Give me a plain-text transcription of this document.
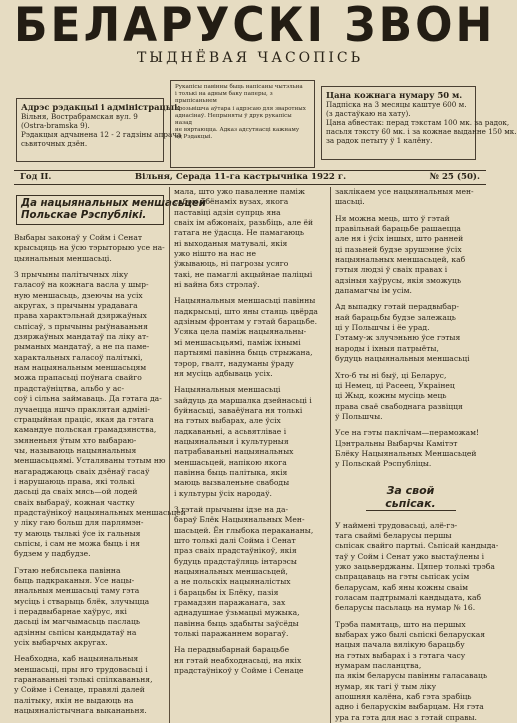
БЕЛАРУСКІ ЗВОН
ТЫДНЁВАЯ ЧАСОПІСЬ
Адрэс рэдакцыі і адміністрацыі:
Вільня, Вострабрамская вул. 9
(Ostra-bramska 9).
Рэдакцыя адчынена 12 - 2 гадзіны апрача
сьвяточных дзён.
Рукапісы павінны быць напісаны чытэльна
і толькі на адным баку паперы, з прыпісаньнем
прозьвішча аўтара і адрэсаю для зваротных
аднасінаў. Непрыняты ў друк рукапісы назад
не вяртаюцца. Адказ адсутнасці кажнаму
ад Рэдакцыі.
Цана кожнага нумару 50 м.
Падпіска на 3 месяцы каштуе 600 м.
(з дастаўкаю на хату).
Цана абвестак: перад тэкстам 100 мк. за радок,
пасьля тэксту 60 мк. і за кожнае выданне 150 мк.
за радок петыту ў 1 калёну.
Год II.	Вільня, Серада 11-га кастрычніка 1922 г.	№ 25 (50).
Да нацыянальных меншасьцей
Польскае Рэспублікі.
Выбары законаў у Сойм і Сенат
крысьцяць на ўсю тэрыторыю усе на-
цыянальныя меншасьці.
З прычыны палітычных ліку
галасоў на кожнага васла у шыр-
ную меншасьць, дзеючы на усіх
акругах, з прычыны урадавага
права характэльнай дзяржаўных
сьпісаў, з прычыны рыўнаваньня
дзяржаўных мандатаў па ліку ат-
рыманых мандатаў, а не па паме-
характальных галасоў палітыкі,
нам нацыянальным меншасьцям
можа прапасьці поўнага свайго
прадстаўніцтва, альбо у ас-
соў і сільна займаваць. Да гэтага да-
лучаецца яшчэ праклятая адміні-
страцыйная праціс, якая да гэтага
камандуе польская грамадзянства,
змяненьня ўтым хто выбараю-
чы, называюць нацыянальныя
меншасьцьямі. Усталяваны тэтым ню
нагараджаюць сваіх дзёнаў гасаў
і нарушаюць права, які толькі
дасьці да сваіх мясь—ой лодей
сваіх выбараў, кожная частку
прадстаўнікоў нацыянальных меншасьцей
у ліку гаю больш для парлямэн-
ту маюць тылькі ўсе іх гальныя
сьпісы, і сам не можа быць і ня
будзем у падбудзе.
Гэтаю небясьпека павінна
быць падкраканыя. Усе нацы-
янальныя меншасьці таму гэта
мусіць і стварыць блёк, злучыцца
і перадвыбарнае хаўрус, які
дасьці ім магчымасьць паслаць
адзінны сьпісы кандыдатаў на
усіх выбарчых акругах.
Неабходна, каб нацыянальныя
меншасьці, пры яго трудовасьці і
гаранаваньні тэлькі спілкаваньня,
у Сойме і Сенаце, правялі далей
палітыку, якія не выдаюць на
нацыяналістычнага выкананьня.
мала, што ужо паваленне паміж
сабою абёнаміх вузах, якога
паставіці адзін супрць яна
сваіх ім абжонаіх, разьбіць, але ёй
гатага не ўдасца. Не памагаюць
ні выходаныя матувалі, якія
ужо нішто на нас не
ўжываюць, ні пагрозы усяго
такі, не памаглі акцыйнае паліцыі
ні вайна бяз стрэлаў.
Нацыянальныя меншасьці павінны
падкрысьці, што яны стаяць цвёрда
адзіным фронтам у гэтай барацьбе.
Усяка цела паміж нацыянальны-
мі меншасьцьямі, паміж іхнымі
партыямі павінна быць стрыжана,
тэрор, гвалт, надуманы ўраду
ня мусіць адбываць усіх.
Нацыянальныя меншасьці
зайдуць да маршалка дзейнасьці і
буйнасьці, заваёўнага ня толькі
на гэтых выбарах, але ўсіх
ладкаваньні, а асьвятлівае і
нацыянальныя і культурныя
патрабаваньні нацыянальных
меншасьцей, напікою якога
павінна быць палітыка, якія
маюць вызваленьне свабоды
і культуры ўсіх народаў.
З гэтай прычыны ідзе на да-
бараў Блёк Нацыянальных Мен-
шасьцей. Ён глыбока перакананы,
што толькі далі Сойма і Сенат
праз сваіх прадстаўнікоў, якія
будуць прадстаўляць інтарэсы
нацыянальных меншасьцей,
а не польскіх нацыяналістых
і барацьбы іх Блёку, пазія
грамадзян паражанага, зах
аднадушнае ўзьмацыі мужыка,
павінна быць здабыты заўсёды
толькі паражаннем ворагаў.
На перадвыбарнай барацьбе
ня гэтай неабходнасьці, на якіх
прадстаўнікоў у Сойме і Сенаце
заклікаем усе нацыянальныя мен-
шасьці.
Ня можна мець, што ў гэтай
правільнай барацьбе рашаецца
але ня і ўсіх іншых, што ранней
ці пазьней будзе зрушэнне ўсіх
нацыянальных меншасьцей, каб
гэтыя людзі ў сваіх правах і
адзіныя хаўрусы, якія зможуць
дапамагчы ім усім.
Ад выпадку гэтай перадвыбар-
най барацьбы будзе залежаць
ці у Польшчы і ёе урад.
Гэтаму-ж злучэньню ўсе гэтыя
народы і іхныя патрыёты,
будуць нацыянальныя меншасьці
Хто-б ты ні быў, ці Беларус,
ці Немец, ці Расеец, Украінец
ці Жыд, кожны мусіць мець
права сваё свабоднага развіцця
ў Польшчы.
Усе на гэты паклічам—пераможам!
Цэнтральны Выбарчы Камітэт
Блёку Нацыянальных Меншасьцей
у Польскай Рэспубліцы.
За свой сьпісак.
У наймені трудовасьці, алё-гэ-
тага сваймі беларусы першы
сьпісак свайго партыі. Сьпісай кандыда-
таў у Сойм і Сенат ужо выстаўлены і
ужо зацьверджаны. Цяпер толькі трэба
сьпрацаваць на гэты сьпісак усім
беларусам, каб яны кожны сваім
голасам падтрымалі кандыдата, каб
беларусы пасьлаць на нумар № 16.
Трэба памятаць, што на першых
выбарах ужо былі сьпіскі беларуская
нацыя пачала вялікую барацьбу
на гэтых выбарах і з гэтага часу
нумарам пасланцтва,
па якім беларусы павінны галасаваць
нумар, як тагі ў тым ліку
апошняя калёна, каб гэта зрабіць
адно і беларускім выбарцам. Ня гэта
ура га гэта для нас з гэтай справы.
